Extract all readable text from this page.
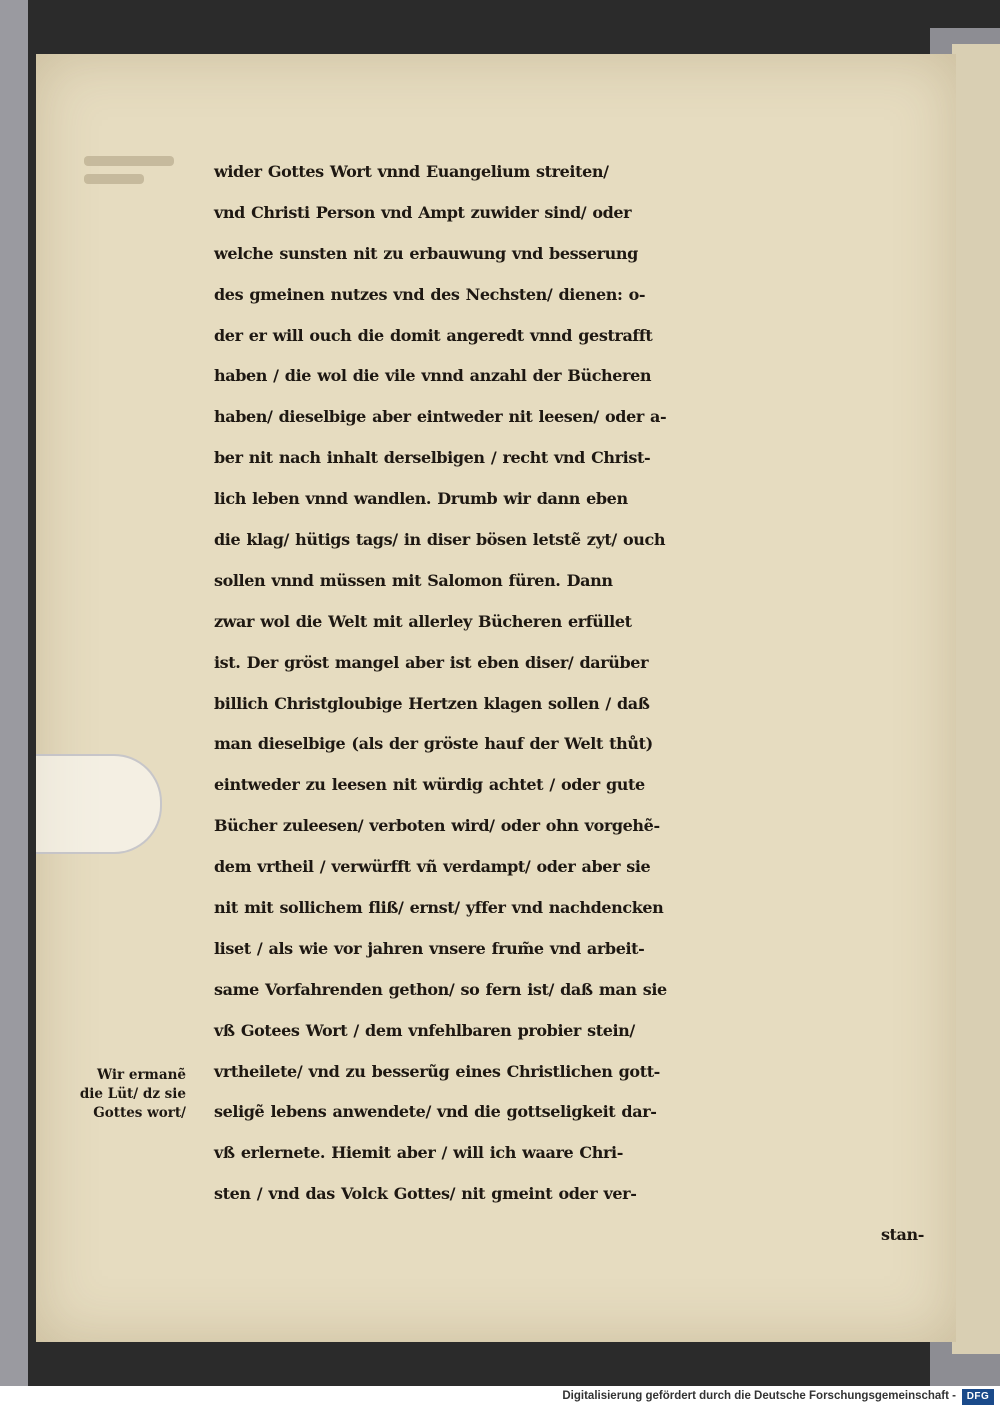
wider Gottes Wort vnnd Euangelium streiten/
vnd Christi Person vnd Ampt zuwider sind/ oder
welche sunsten nit zu erbauwung vnd besserung
des gmeinen nutzes vnd des Nechsten/ dienen: o-
der er will ouch die domit angeredt vnnd gestrafft
haben / die wol die vile vnnd anzahl der Bücheren
haben/ dieselbige aber eintweder nit leesen/ oder a-
ber nit nach inhalt derselbigen / recht vnd Christ-
lich leben vnnd wandlen. Drumb wir dann eben
die klag/ hütigs tags/ in diser bösen letstẽ zyt/ ouch
sollen vnnd müssen mit Salomon füren. Dann
zwar wol die Welt mit allerley Bücheren erfüllet
ist. Der gröst mangel aber ist eben diser/ darüber
billich Christgloubige Hertzen klagen sollen / daß
man dieselbige (als der gröste hauf der Welt thůt)
eintweder zu leesen nit würdig achtet / oder gute
Bücher zuleesen/ verboten wird/ oder ohn vorgehẽ-
dem vrtheil / verwürfft vñ verdampt/ oder aber sie
nit mit sollichem fliß/ ernst/ yffer vnd nachdencken
liset / als wie vor jahren vnsere frum̃e vnd arbeit-
same Vorfahrenden gethon/ so fern ist/ daß man sie
vß Gotees Wort / dem vnfehlbaren probier stein/
vrtheilete/ vnd zu besserũg eines Christlichen gott-
seligẽ lebens anwendete/ vnd die gottseligkeit dar-
vß erlernete. Hiemit aber / will ich waare Chri-
sten / vnd das Volck Gottes/ nit gmeint oder ver-
stan-
Wir ermanẽ
die Lüt/ dz sie
Gottes wort/
Digitalisierung gefördert durch die Deutsche Forschungsgemeinschaft -	DFG
